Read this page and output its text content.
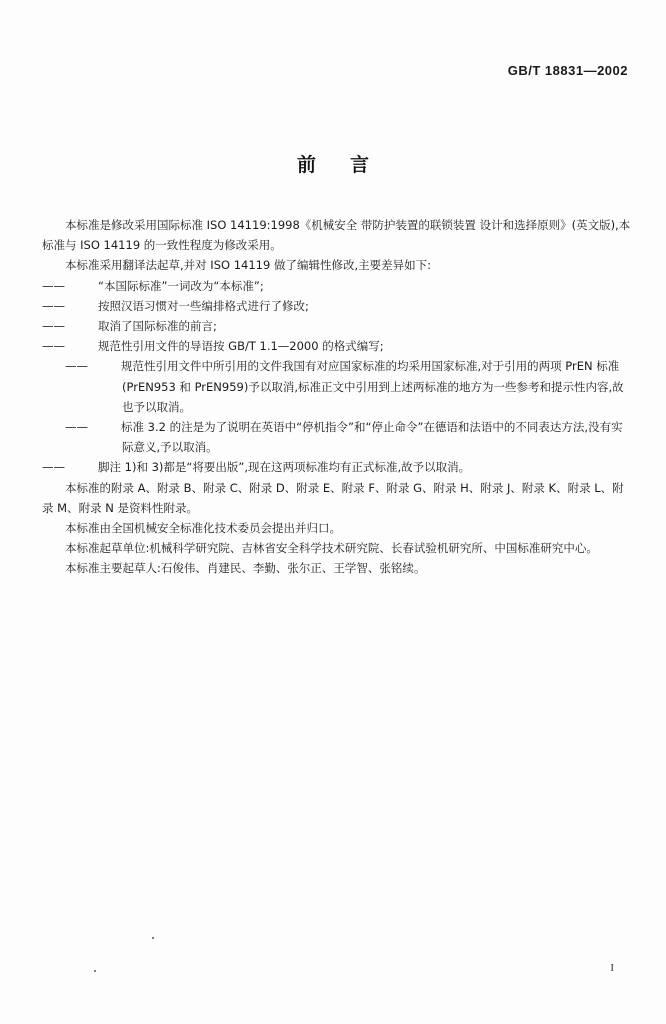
GB/T 18831—2002
前言

本标准是修改采用国际标准 ISO 14119:1998《机械安全 带防护装置的联锁装置 设计和选择原则》(英文版),本标准与 ISO 14119 的一致性程度为修改采用。

本标准采用翻译法起草,并对 ISO 14119 做了编辑性修改,主要差异如下:

——	“本国际标准”一词改为“本标准”;

——	按照汉语习惯对一些编排格式进行了修改;

——	取消了国际标准的前言;

——	规范性引用文件的导语按 GB/T 1.1—2000 的格式编写;

——	规范性引用文件中所引用的文件我国有对应国家标准的均采用国家标准,对于引用的两项 PrEN 标准(PrEN953 和 PrEN959)予以取消,标准正文中引用到上述两标准的地方为一些参考和提示性内容,故也予以取消。

——	标准 3.2 的注是为了说明在英语中“停机指令”和“停止命令”在德语和法语中的不同表达方法,没有实际意义,予以取消。

——	脚注 1)和 3)都是“将要出版”,现在这两项标准均有正式标准,故予以取消。

本标准的附录 A、附录 B、附录 C、附录 D、附录 E、附录 F、附录 G、附录 H、附录 J、附录 K、附录 L、附录 M、附录 N 是资料性附录。

本标准由全国机械安全标准化技术委员会提出并归口。

本标准起草单位:机械科学研究院、吉林省安全科学技术研究院、长春试验机研究所、中国标准研究中心。

本标准主要起草人:石俊伟、肖建民、李勤、张尔正、王学智、张铭续。

I
